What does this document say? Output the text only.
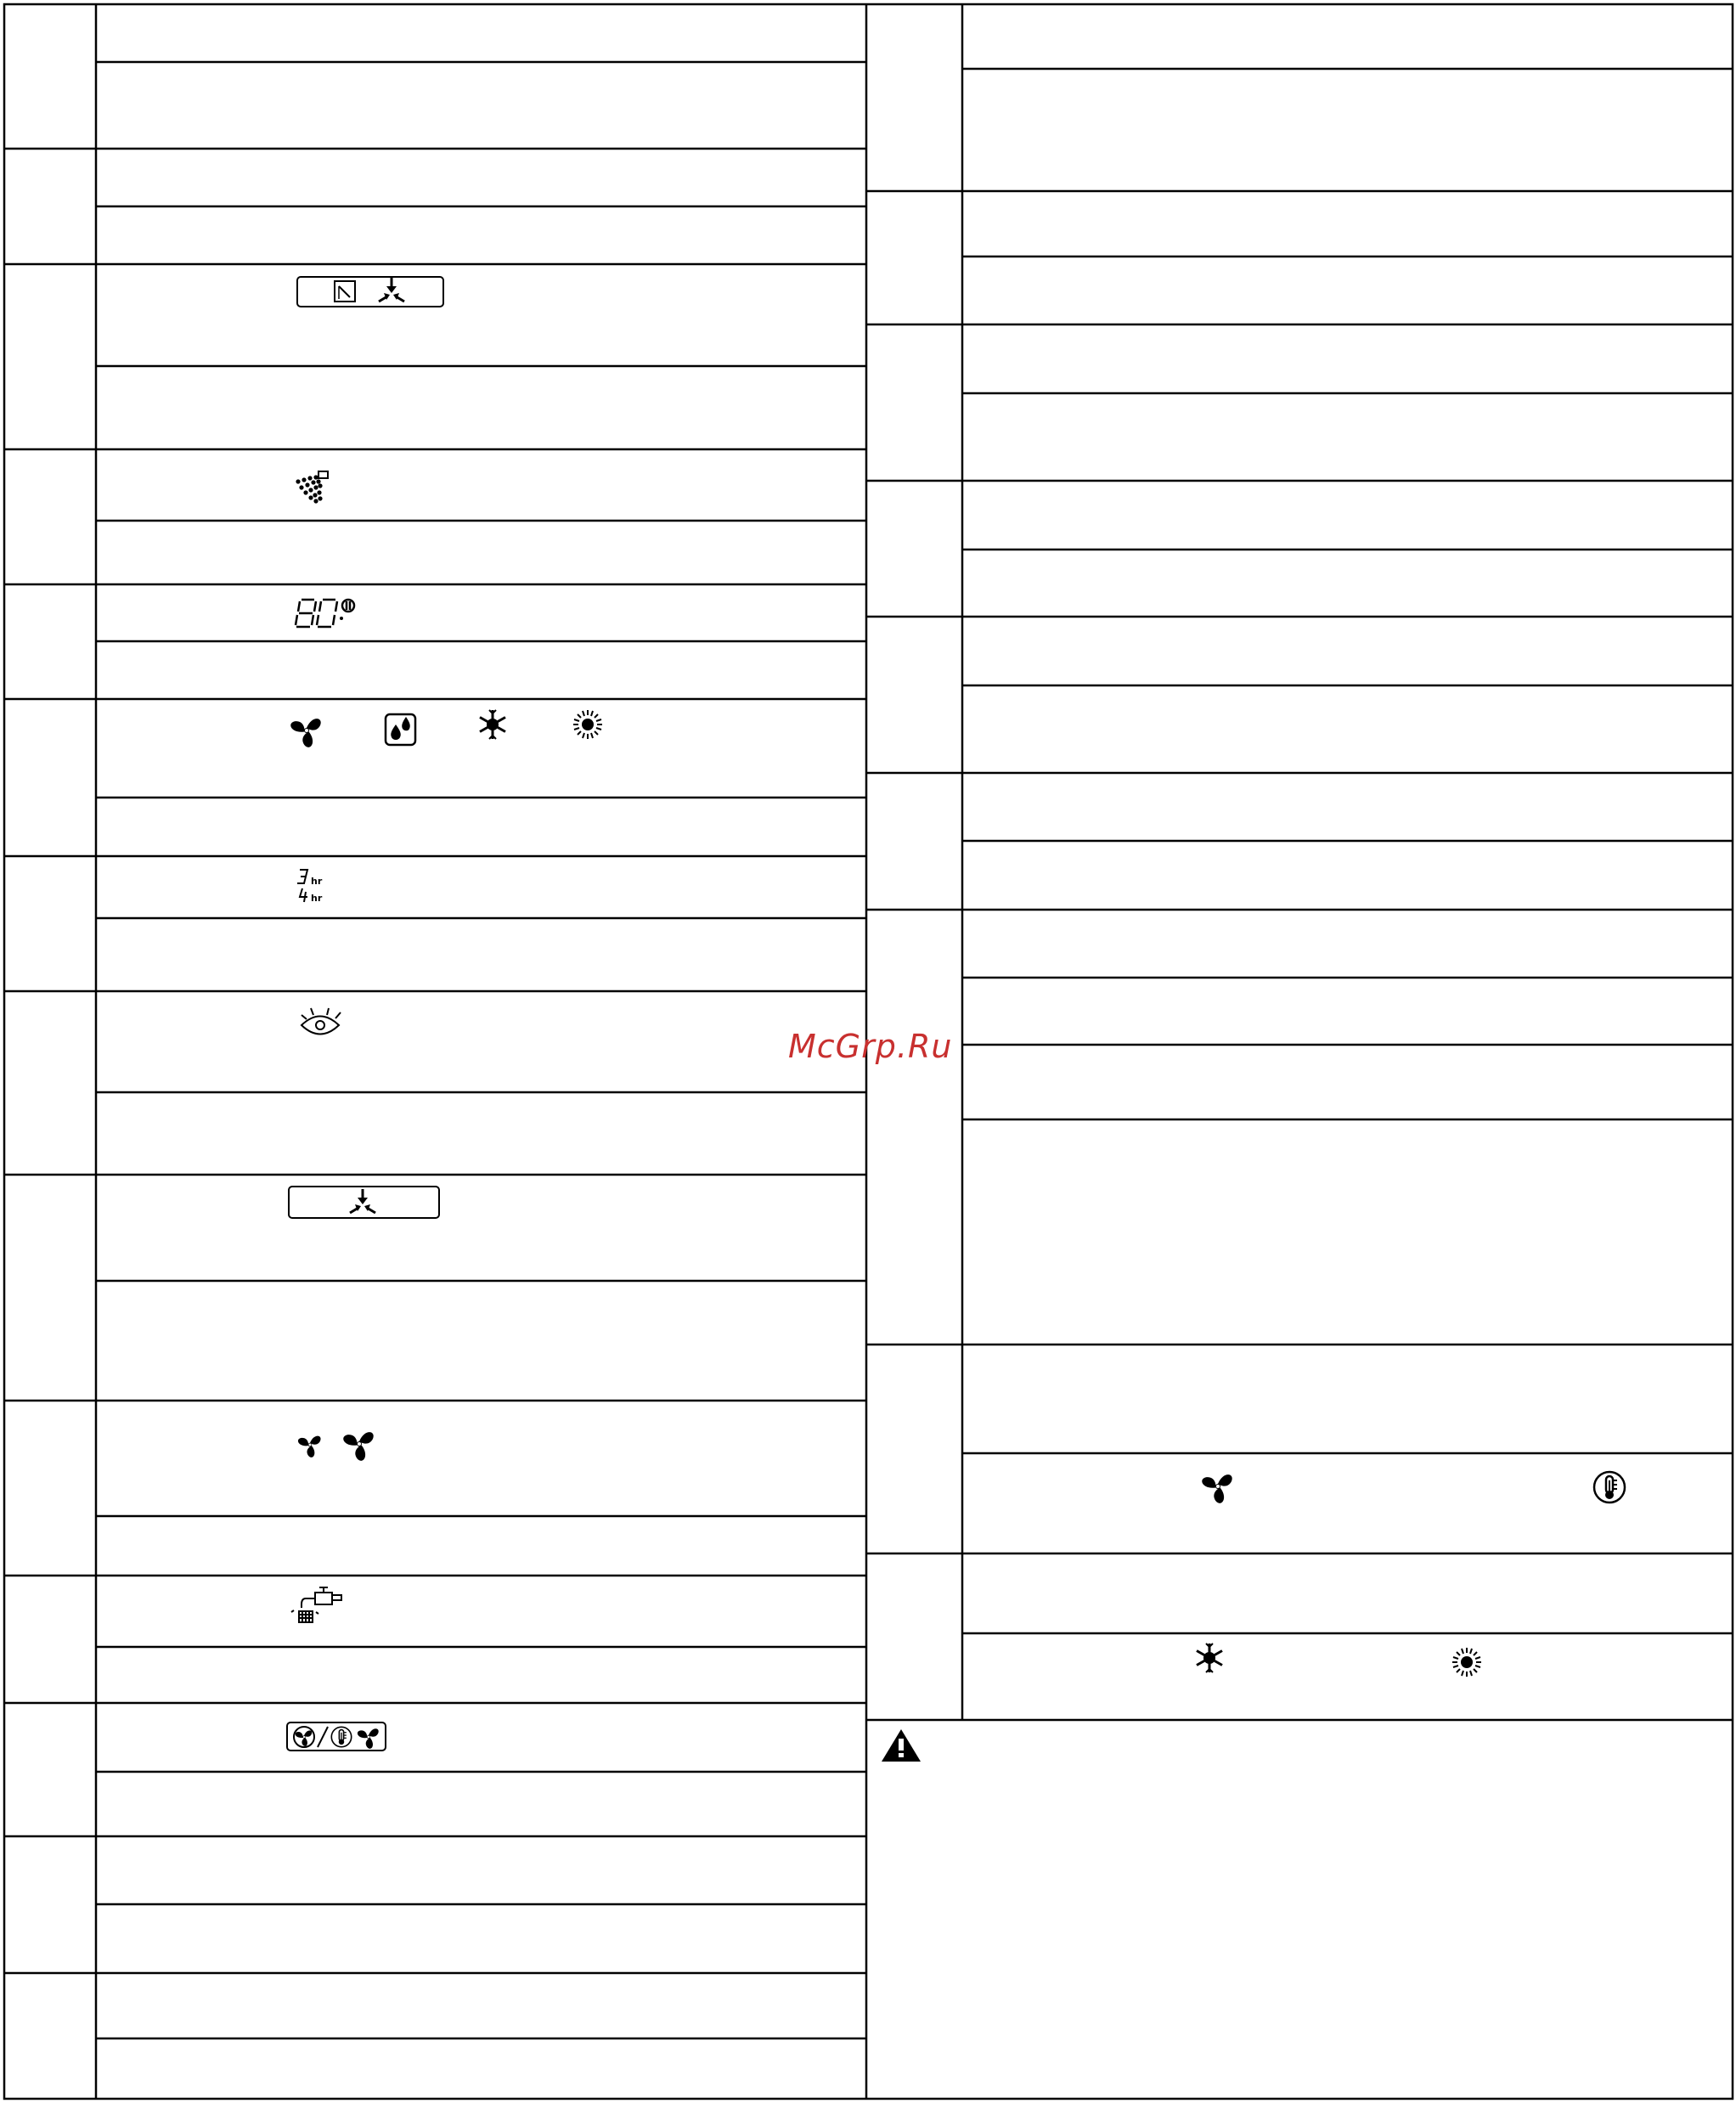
hr
hr
McGrp.Ru
